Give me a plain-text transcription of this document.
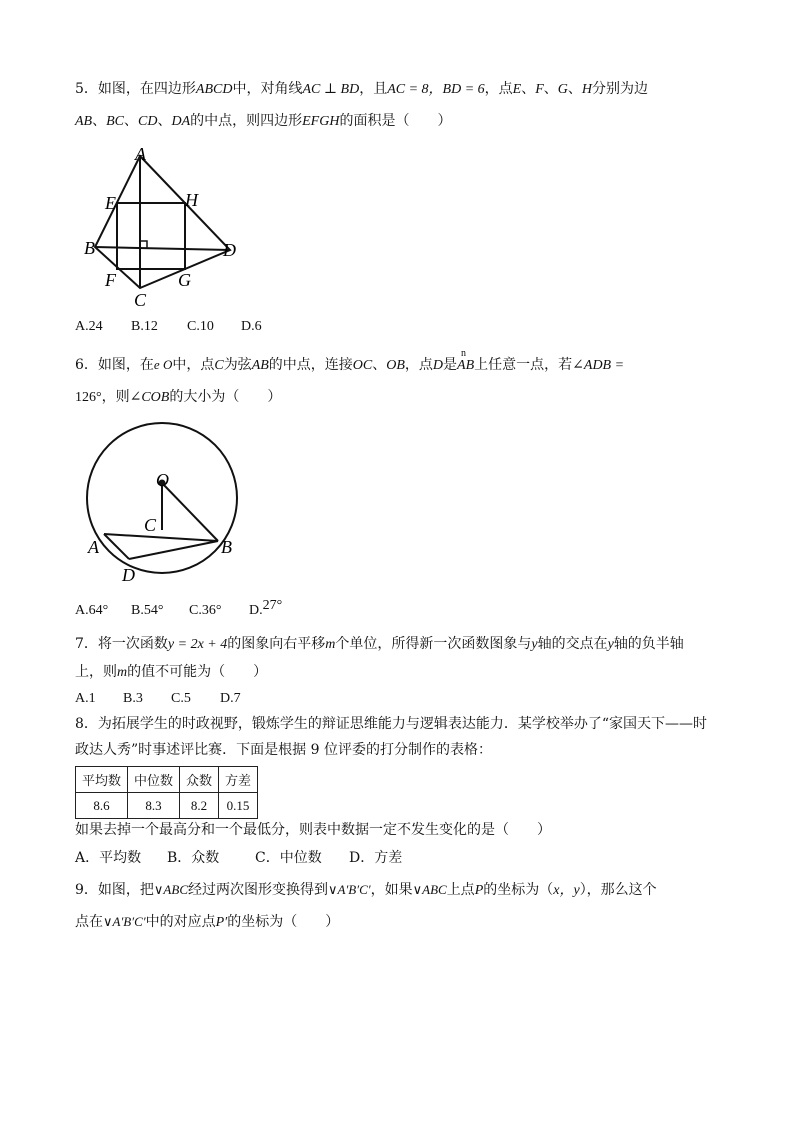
5．如图，在四边形ABCD中，对角线AC ⊥ BD，且AC = 8，BD = 6，点E、F、G、H分别为边
AB、BC、CD、DA的中点，则四边形EFGH的面积是（　　）
A
E	H
B	D
F	G
C
A.24 B.12 C.10 D.6
6．如图，在e O中，点C为弦AB的中点，连接OC、OB，点D是
n
AB上任意一点，若∠ADB =
126°，则∠COB的大小为（　　）
O
C
A	B
D
A.64° B.54° C.36° D.27°
7．将一次函数y = 2x + 4的图象向右平移m个单位，所得新一次函数图象与y轴的交点在y轴的负半轴
上，则m的值不可能为（　　）
A.1 B.3 C.5 D.7
8．为拓展学生的时政视野，锻炼学生的辩证思维能力与逻辑表达能力．某学校举办了“家国天下——时
政达人秀”时事述评比赛．下面是根据 9 位评委的打分制作的表格：
平均数	中位数	众数	方差
8.6	8.3	8.2	0.15
如果去掉一个最高分和一个最低分，则表中数据一定不发生变化的是（　　）
A．平均数 B．众数	C．中位数 D．方差
9．如图，把∨ABC经过两次图形变换得到∨A′B′C′，如果∨ABC上点P的坐标为（x，y），那么这个
点在∨A′B′C′中的对应点P′的坐标为（　　）
